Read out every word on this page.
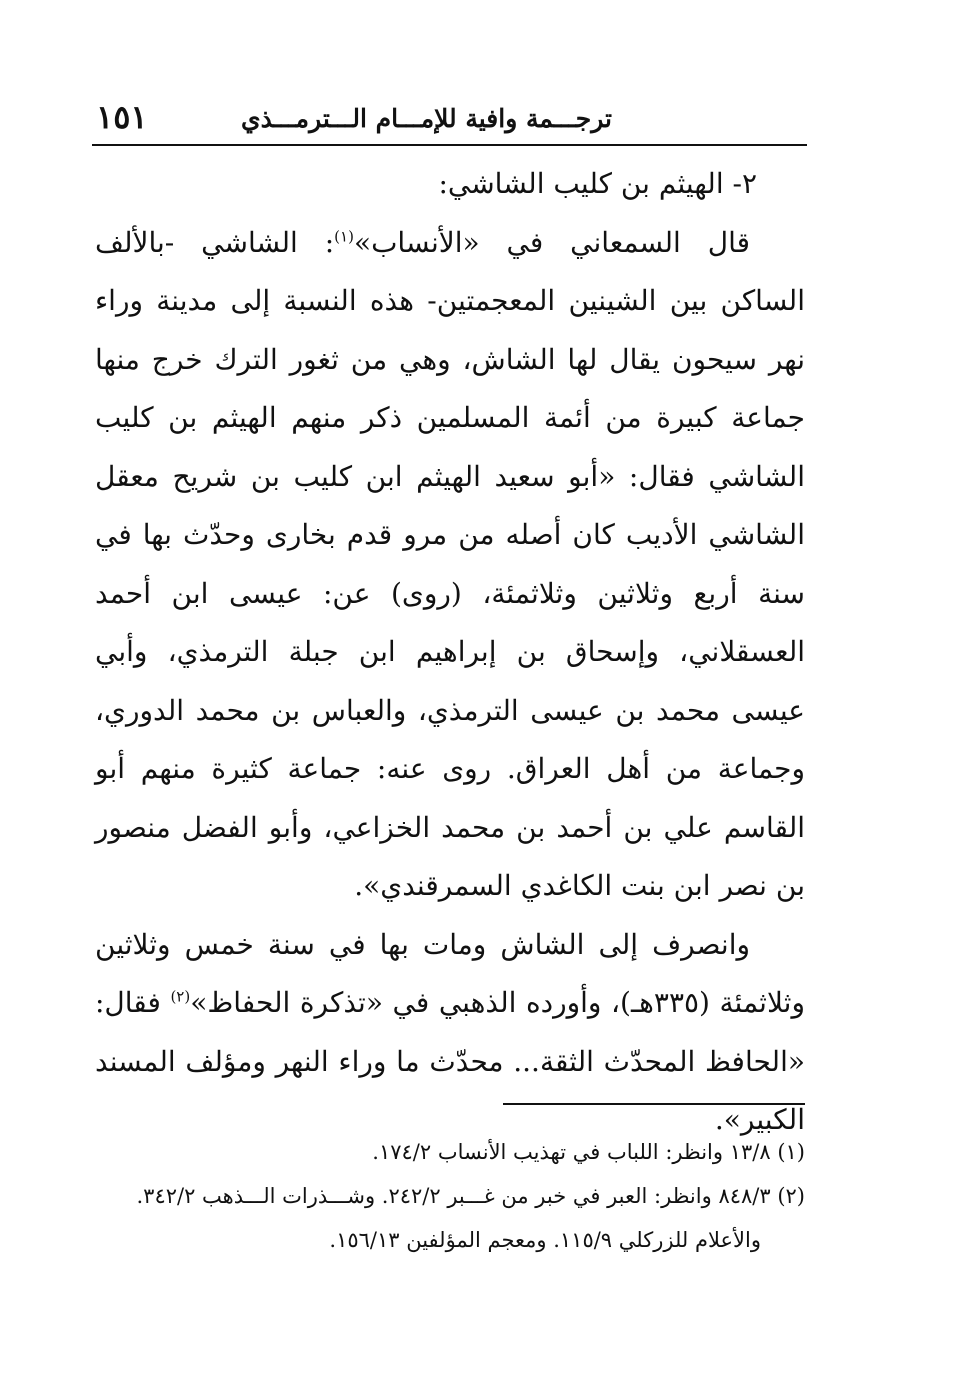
١٥١	ترجـــمة وافية للإمـــام الـــترمـــذي

٢- الهيثم بن كليب الشاشي:

قال السمعاني في «الأنساب»$^{(١)}$: الشاشي -بالألف الساكن بين الشينين المعجمتين- هذه النسبة إلى مدينة وراء نهر سيحون يقال لها الشاش، وهي من ثغور الترك خرج منها جماعة كبيرة من أئمة المسلمين ذكر منهم الهيثم بن كليب الشاشي فقال: «أبو سعيد الهيثم ابن كليب بن شريح معقل الشاشي الأديب كان أصله من مرو قدم بخارى وحدّث بها في سنة أربع وثلاثين وثلاثمئة، (روى) عن: عيسى ابن أحمد العسقلاني، وإسحاق بن إبراهيم ابن جبلة الترمذي، وأبي عيسى محمد بن عيسى الترمذي، والعباس بن محمد الدوري، وجماعة من أهل العراق. روى عنه: جماعة كثيرة منهم أبو القاسم علي بن أحمد بن محمد الخزاعي، وأبو الفضل منصور بن نصر ابن بنت الكاغدي السمرقندي».

وانصرف إلى الشاش ومات بها في سنة خمس وثلاثين وثلاثمئة (٣٣٥هـ)، وأورده الذهبي في «تذكرة الحفاظ»$^{(٢)}$ فقال: «الحافظ المحدّث الثقة... محدّث ما وراء النهر ومؤلف المسند الكبير».

(١) ١٣/٨ وانظر: اللباب في تهذيب الأنساب ١٧٤/٢.

(٢) ٨٤٨/٣ وانظر: العبر في خبر من غـــبر ٢٤٢/٢. وشـــذرات الـــذهب ٣٤٢/٢.

والأعلام للزركلي ١١٥/٩. ومعجم المؤلفين ١٥٦/١٣.
